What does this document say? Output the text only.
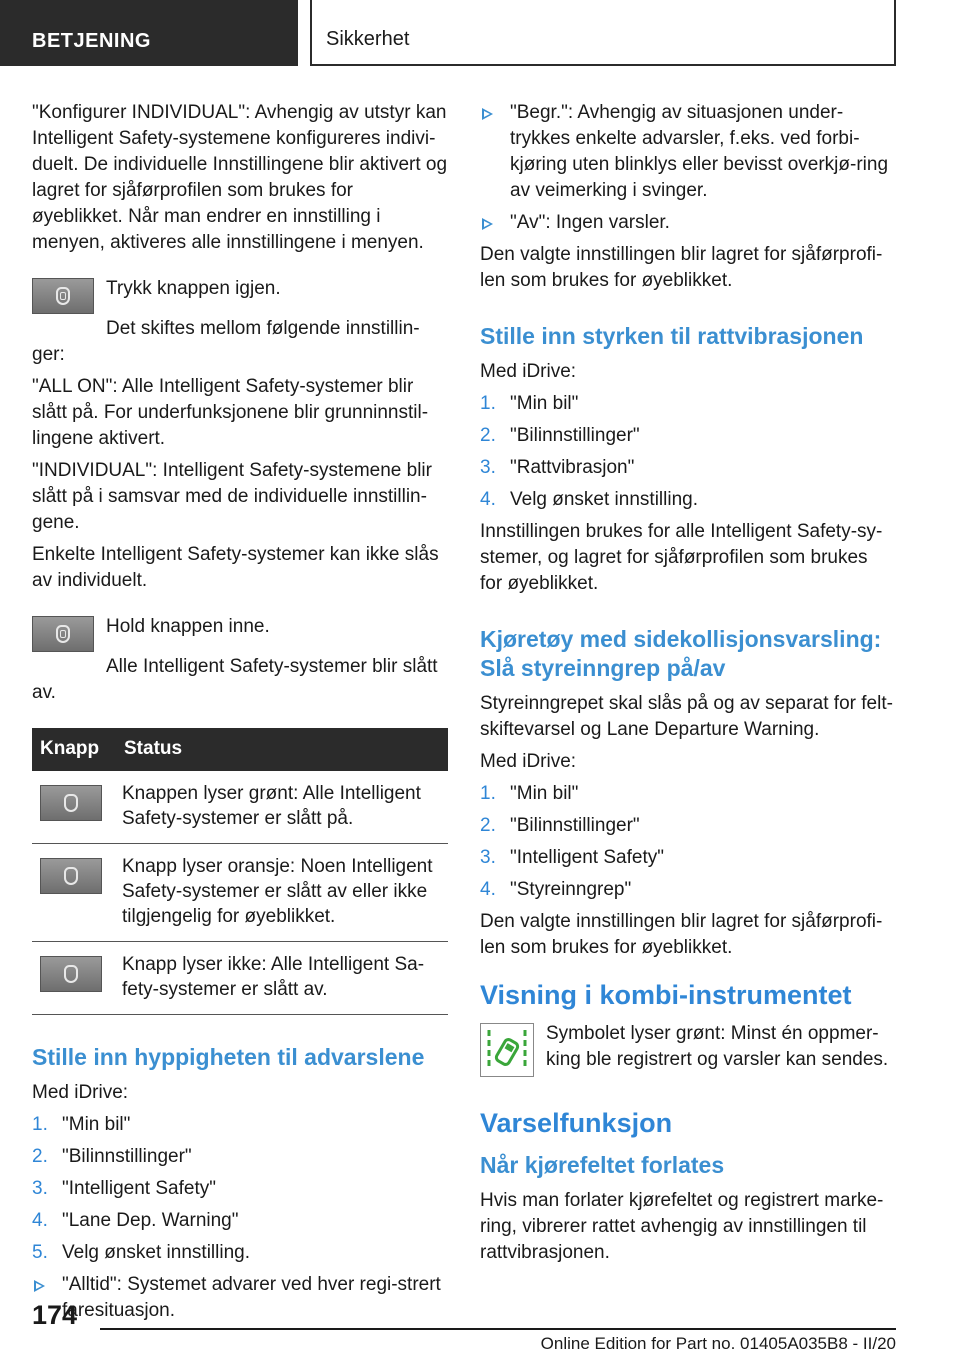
BETJENING	Sikkerhet

"Konfigurer INDIVIDUAL": Avhengig av utstyr kan Intelligent Safety-systemene konfigureres indivi-duelt. De individuelle Innstillingene blir aktivert og lagret for sjåførprofilen som brukes for øyeblikket. Når man endrer en innstilling i menyen, aktiveres alle innstillingene i menyen.

Trykk knappen igjen.

Det skiftes mellom følgende innstillin-ger:

"ALL ON": Alle Intelligent Safety-systemer blir slått på. For underfunksjonene blir grunninnstil-lingene aktivert.

"INDIVIDUAL": Intelligent Safety-systemene blir slått på i samsvar med de individuelle innstillin-gene.

Enkelte Intelligent Safety-systemer kan ikke slås av individuelt.

Hold knappen inne.

Alle Intelligent Safety-systemer blir slått av.

Knapp	Status

	Knappen lyser grønt: Alle Intelligent Safety-systemer er slått på.

	Knapp lyser oransje: Noen Intelligent Safety-systemer er slått av eller ikke tilgjengelig for øyeblikket.

	Knapp lyser ikke: Alle Intelligent Sa-fety-systemer er slått av.
Stille inn hyppigheten til advarslene

Med iDrive:

1. "Min bil"
2. "Bilinnstillinger"
3. "Intelligent Safety"
4. "Lane Dep. Warning"
5. Velg ønsket innstilling.
"Alltid": Systemet advarer ved hver regi-strert faresituasjon.
"Begr.": Avhengig av situasjonen under-trykkes enkelte advarsler, f.eks. ved forbi-kjøring uten blinklys eller bevisst overkjø-ring av veimerking i svinger.
"Av": Ingen varsler.

Den valgte innstillingen blir lagret for sjåførprofi-len som brukes for øyeblikket.

Stille inn styrken til rattvibrasjonen

Med iDrive:

1. "Min bil"
2. "Bilinnstillinger"
3. "Rattvibrasjon"
4. Velg ønsket innstilling.

Innstillingen brukes for alle Intelligent Safety-sy-stemer, og lagret for sjåførprofilen som brukes for øyeblikket.

Kjøretøy med sidekollisjonsvarsling: Slå styreinngrep på/av

Styreinngrepet skal slås på og av separat for felt-skiftevarsel og Lane Departure Warning.

Med iDrive:

1. "Min bil"
2. "Bilinnstillinger"
3. "Intelligent Safety"
4. "Styreinngrep"

Den valgte innstillingen blir lagret for sjåførprofi-len som brukes for øyeblikket.

Visning i kombi-instrumentet

Symbolet lyser grønt: Minst én oppmer-king ble registrert og varsler kan sendes.

Varselfunksjon
Når kjørefeltet forlates

Hvis man forlater kjørefeltet og registrert marke-ring, vibrerer rattet avhengig av innstillingen til rattvibrasjonen.

174
Online Edition for Part no. 01405A035B8 - II/20
